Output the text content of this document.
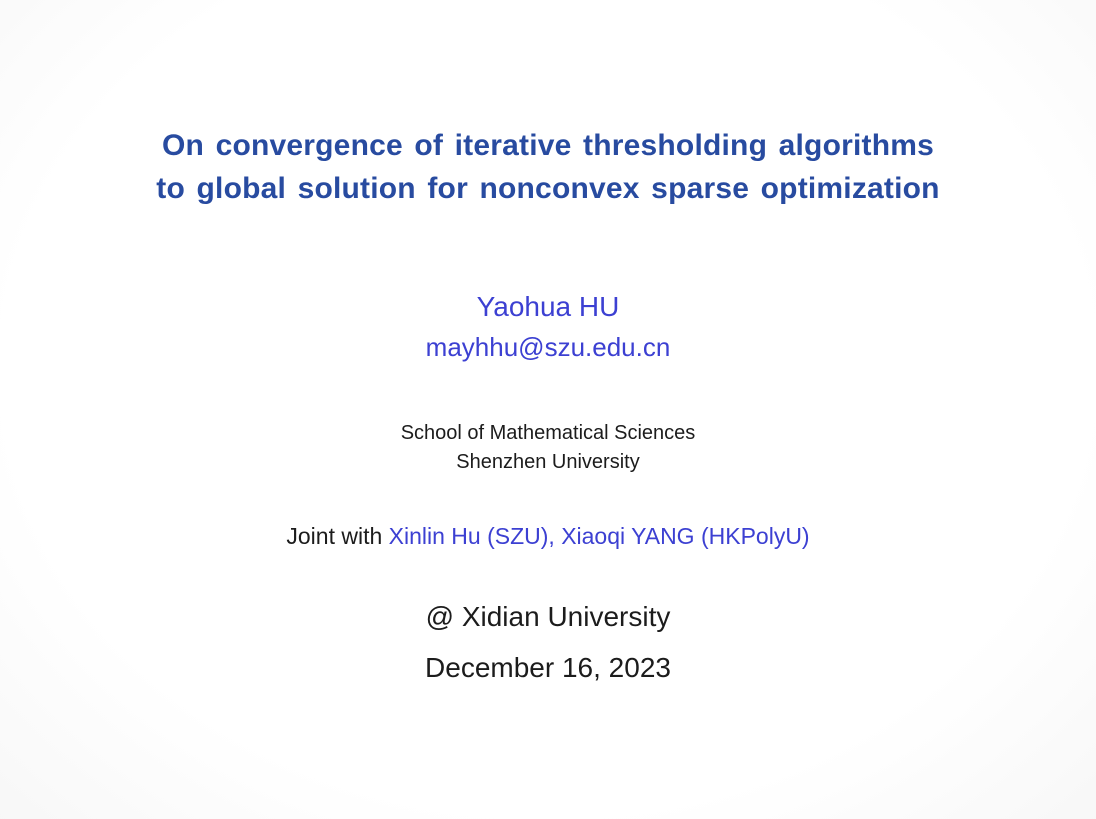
On convergence of iterative thresholding algorithms
to global solution for nonconvex sparse optimization
Yaohua HU
mayhhu@szu.edu.cn
School of Mathematical Sciences
Shenzhen University
Joint with Xinlin Hu (SZU), Xiaoqi YANG (HKPolyU)
@ Xidian University
December 16, 2023
